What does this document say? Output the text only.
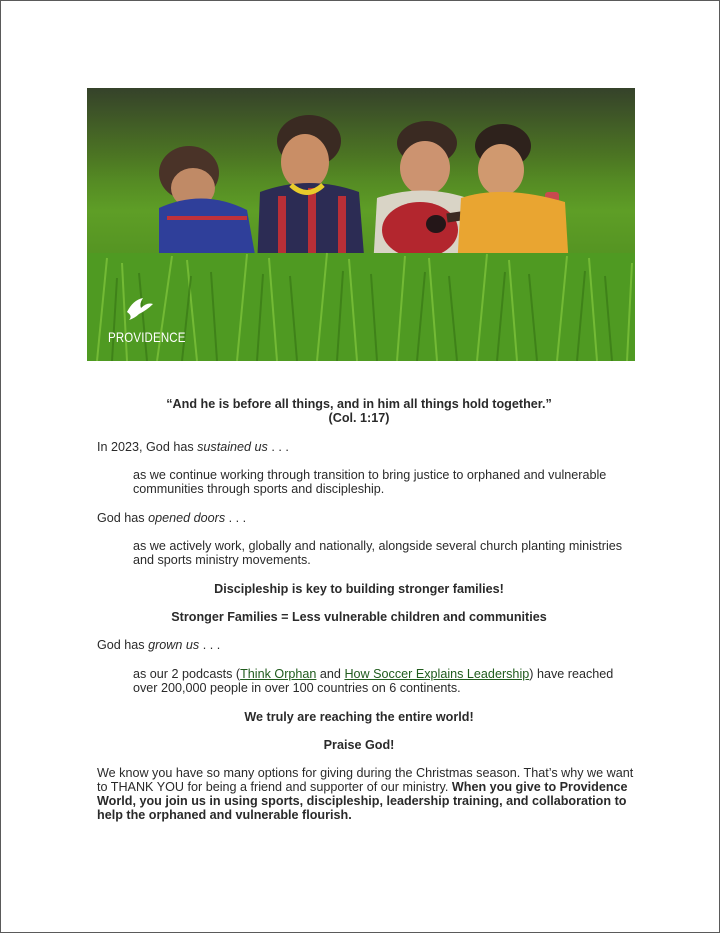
PROVIDENCE
“And he is before all things, and in him all things hold together.”
(Col. 1:17)
In 2023, God has sustained us . . .
as we continue working through transition to bring justice to orphaned and vulnerable
communities through sports and discipleship.
God has opened doors . . .
as we actively work, globally and nationally, alongside several church planting ministries
and sports ministry movements.
Discipleship is key to building stronger families!
Stronger Families = Less vulnerable children and communities
God has grown us . . .
as our 2 podcasts (Think Orphan and How Soccer Explains Leadership) have reached
over 200,000 people in over 100 countries on 6 continents.
We truly are reaching the entire world!
Praise God!
We know you have so many options for giving during the Christmas season. That’s why we want
to THANK YOU for being a friend and supporter of our ministry. When you give to Providence
World, you join us in using sports, discipleship, leadership training, and collaboration to
help the orphaned and vulnerable flourish.
